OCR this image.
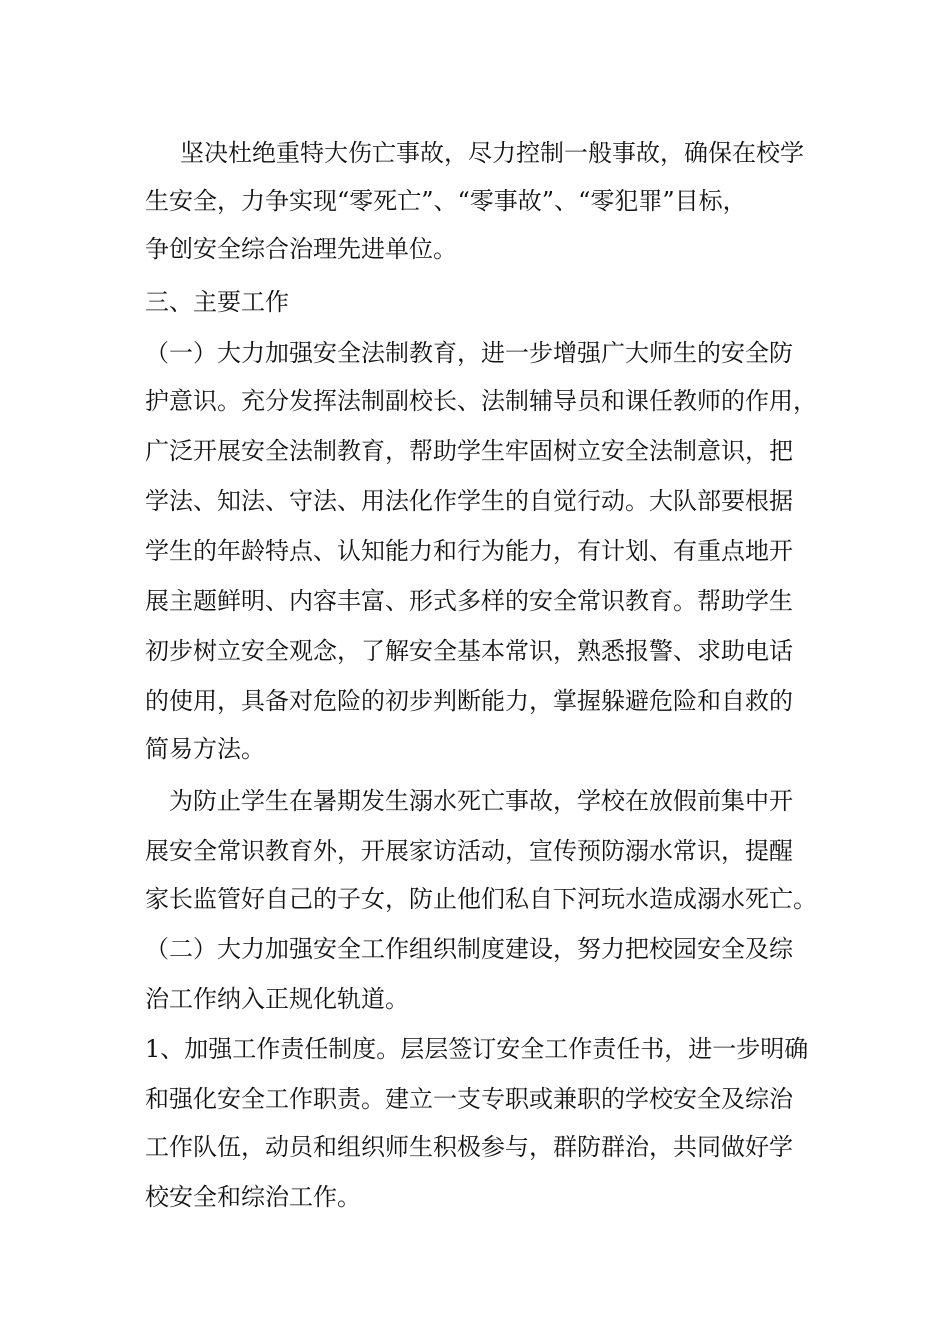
坚决杜绝重特大伤亡事故，尽力控制一般事故，确保在校学
生安全，力争实现“零死亡”、“零事故”、“零犯罪”目标，
争创安全综合治理先进单位。
三、主要工作
（一）大力加强安全法制教育，进一步增强广大师生的安全防
护意识。充分发挥法制副校长、法制辅导员和课任教师的作用，
广泛开展安全法制教育，帮助学生牢固树立安全法制意识，把
学法、知法、守法、用法化作学生的自觉行动。大队部要根据
学生的年龄特点、认知能力和行为能力，有计划、有重点地开
展主题鲜明、内容丰富、形式多样的安全常识教育。帮助学生
初步树立安全观念，了解安全基本常识，熟悉报警、求助电话
的使用，具备对危险的初步判断能力，掌握躲避危险和自救的
简易方法。
为防止学生在暑期发生溺水死亡事故，学校在放假前集中开
展安全常识教育外，开展家访活动，宣传预防溺水常识，提醒
家长监管好自己的子女，防止他们私自下河玩水造成溺水死亡。
（二）大力加强安全工作组织制度建设，努力把校园安全及综
治工作纳入正规化轨道。
1、加强工作责任制度。层层签订安全工作责任书，进一步明确
和强化安全工作职责。建立一支专职或兼职的学校安全及综治
工作队伍，动员和组织师生积极参与，群防群治，共同做好学
校安全和综治工作。
